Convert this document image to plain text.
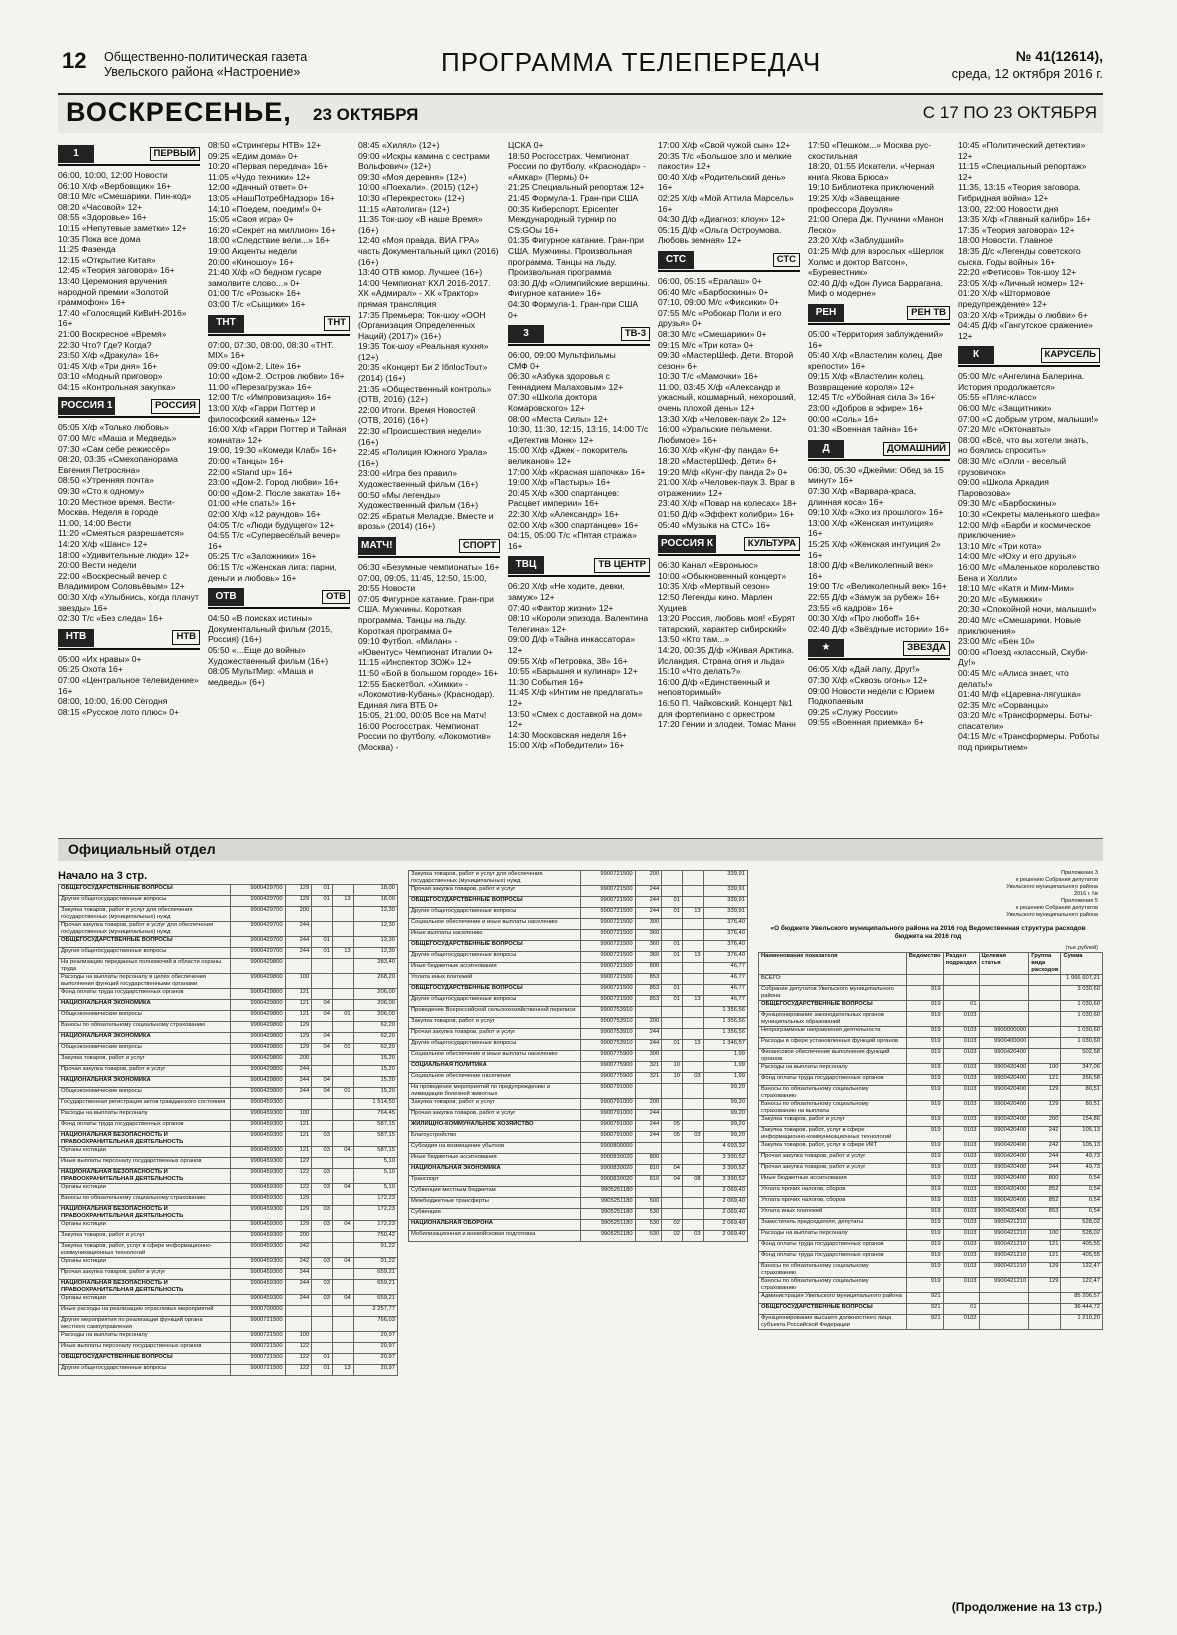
12 Общественно-политическая газета
Увельского района «Настроение»	ПРОГРАММА ТЕЛЕПЕРЕДАЧ	№ 41(12614),
среда, 12 октября 2016 г.
ВОСКРЕСЕНЬЕ, 23 ОКТЯБРЯ	С 17 ПО 23 ОКТЯБРЯ
1	ПЕРВЫЙ
06:00, 10:00, 12:00 Новости
06:10 Х/ф «Вербовщик» 16+
08:10 М/с «Смешарики. Пин-код»
08:20 «Часовой» 12+
08:55 «Здоровье» 16+
10:15 «Непутевые заметки» 12+
10:35 Пока все дома
11:25 Фазенда
12:15 «Открытие Китая»
12:45 «Теория заговора» 16+
13:40 Церемония вручения народной премии «Золотой граммофон» 16+
17:40 «Голосящий КиВиН-2016» 16+
21:00 Воскресное «Время»
22:30 Что? Где? Когда?
23:50 Х/ф «Дракула» 16+
01:45 Х/ф «Три дня» 16+
03:10 «Модный приговор»
04:15 «Контрольная закупка»
РОССИЯ 1	РОССИЯ
05:05 Х/ф «Только любовь»
07:00 М/с «Маша и Медведь»
07:30 «Сам себе режиссёр»
08:20, 03:35 «Смехопанорама Евгения Петросяна»
08:50 «Утренняя почта»
09:30 «Сто к одному»
10:20 Местное время. Вести-Москва. Неделя в городе
11:00, 14:00 Вести
11:20 «Смеяться разрешается»
14:20 Х/ф «Шанс» 12+
18:00 «Удивительные люди» 12+
20:00 Вести недели
22:00 «Воскресный вечер с Владимиром Соловьёвым» 12+
00:30 Х/ф «Улыбнись, когда плачут звезды» 16+
02:30 Т/с «Без следа» 16+
НТВ	НТВ
05:00 «Их нравы» 0+
05:25 Охота 16+
07:00 «Центральное телевидение» 16+
08:00, 10:00, 16:00 Сегодня
08:15 «Русское лото плюс» 0+
08:50 «Стрингеры НТВ» 12+
09:25 «Едим дома» 0+
10:20 «Первая передача» 16+
11:05 «Чудо техники» 12+
12:00 «Дачный ответ» 0+
13:05 «НашПотребНадзор» 16+
14:10 «Поедем, поедим!» 0+
15:05 «Своя игра» 0+
16:20 «Секрет на миллион» 16+
18:00 «Следствие вели...» 16+
19:00 Акценты недели
20:00 «Киношоу» 16+
21:40 Х/ф «О бедном гусаре замолвите слово...» 0+
01:00 Т/с «Розыск» 16+
03:00 Т/с «Сыщики» 16+
ТНТ	ТНТ
07:00, 07:30, 08:00, 08:30 «ТНТ. MIX» 16+
09:00 «Дом-2. Lite» 16+
10:00 «Дом-2. Остров любви» 16+
11:00 «Перезагрузка» 16+
12:00 Т/с «Импровизация» 16+
13:00 Х/ф «Гарри Поттер и философский камень» 12+
16:00 Х/ф «Гарри Поттер и Тайная комната» 12+
19:00, 19:30 «Комеди Клаб» 16+
20:00 «Танцы» 16+
22:00 «Stand up» 16+
23:00 «Дом-2. Город любви» 16+
00:00 «Дом-2. После заката» 16+
01:00 «Не спать!» 16+
02:00 Х/ф «12 раундов» 16+
04:05 Т/с «Люди будущего» 12+
04:55 Т/с «Супервесёлый вечер» 16+
05:25 Т/с «Заложники» 16+
06:15 Т/с «Женская лига: парни, деньги и любовь» 16+
ОТВ	ОТВ
04:50 «В поисках истины» Документальный фильм (2015, Россия) (16+)
05:50 «...Еще до войны» Художественный фильм (16+)
08:05 МультМир: «Маша и медведь» (6+)
08:45 «Хилял» (12+)
09:00 «Искры камина с сестрами Вольфович» (12+)
09:30 «Моя деревня» (12+)
10:00 «Поехали». (2015) (12+)
10:30 «Перекресток» (12+)
11:15 «Автолига» (12+)
11:35 Ток-шоу «В наше Время» (16+)
12:40 «Моя правда. ВИА ГРА» часть Документальный цикл (2016) (16+)
13:40 ОТВ юмор. Лучшее (16+)
14:00 Чемпионат КХЛ 2016-2017. ХК «Адмирал» - ХК «Трактор» прямая трансляция
17:35 Премьера: Ток-шоу «ООН (Организация Определенных Наций) (2017)» (16+)
19:35 Ток-шоу «Реальная кухня» (12+)
20:35 «Концерт Би 2 IбпloсТоuт» (2014) (16+)
21:35 «Общественный контроль» (ОТВ, 2016) (12+)
22:00 Итоги. Время Новостей (ОТВ, 2016) (16+)
22:30 «Происшествия недели» (16+)
22:45 «Полиция Южного Урала» (16+)
23:00 «Игра без правил» Художественный фильм (16+)
00:50 «Мы легенды» Художественный фильм (16+)
02:25 «Братья Меладзе. Вместе и врозь» (2014) (16+)
МАТЧ!	СПОРТ
06:30 «Безумные чемпионаты» 16+
07:00, 09:05, 11:45, 12:50, 15:00, 20:55 Новости
07:05 Фигурное катание. Гран-при США. Мужчины. Короткая программа. Танцы на льду. Короткая программа 0+
09:10 Футбол. «Милан» - «Ювентус» Чемпионат Италии 0+
11:15 «Инспектор ЗОЖ» 12+
11:50 «Бой в большом городе» 16+
12:55 Баскетбол. «Химки» - «Локомотив-Кубань» (Краснодар). Единая лига ВТБ 0+
15:05, 21:00, 00:05 Все на Матч!
16:00 Росгосстрах. Чемпионат России по футболу. «Локомотив» (Москва) -
ЦСКА 0+
18:50 Росгосстрах. Чемпионат России по футболу. «Краснодар» - «Амкар» (Пермь) 0+
21:25 Специальный репортаж 12+
21:45 Формула-1. Гран-при США
00:35 Киберспорт. Epicenter Международный турнир по CS:GOы 16+
01:35 Фигурное катание. Гран-при США. Мужчины. Произвольная программа. Танцы на льду. Произвольная программа
03:30 Д/ф «Олимпийские вершины. Фигурное катание» 16+
04:30 Формула-1. Гран-при США 0+
3	ТВ-3
06:00, 09:00 Мультфильмы
СМФ 0+
06:30 «Азбука здоровья с Геннадием Малаховым» 12+
07:30 «Школа доктора Комаровского» 12+
08:00 «Места Силы» 12+
10:30, 11:30, 12:15, 13:15, 14:00 Т/с «Детектив Монк» 12+
15:00 Х/ф «Джек - покоритель великанов» 12+
17:00 Х/ф «Красная шапочка» 16+
19:00 Х/ф «Пастырь» 16+
20:45 Х/ф «300 спартанцев: Расцвет империи» 16+
22:30 Х/ф «Александр» 16+
02:00 Х/ф «300 спартанцев» 16+
04:15, 05:00 Т/с «Пятая стража» 16+
ТВЦ	ТВ ЦЕНТР
06:20 Х/ф «Не ходите, девки, замуж» 12+
07:40 «Фактор жизни» 12+
08:10 «Короли эпизода. Валентина Телегина» 12+
09:00 Д/ф «Тайна инкассатора» 12+
09:55 Х/ф «Петровка, 38» 16+
10:55 «Барышня и кулинар» 12+
11:30 События 16+
11:45 Х/ф «Интим не предлагать» 12+
13:50 «Смех с доставкой на дом» 12+
14:30 Московская неделя 16+
15:00 Х/ф «Победители» 16+
17:00 Х/ф «Свой чужой сын» 12+
20:35 Т/с «Большое зло и мелкие пакости» 12+
00:40 Х/ф «Родительский день» 16+
02:25 Х/ф «Мой Аттила Марсель» 16+
04:30 Д/ф «Диагноз: клоун» 12+
05:15 Д/ф «Ольга Остроумова. Любовь земная» 12+
СТС	СТС
06:00, 05:15 «Ералаш» 0+
06:40 М/с «Барбоскины» 0+
07:10, 09:00 М/с «Фиксики» 0+
07:55 М/с «Робокар Поли и его друзья» 0+
08:30 М/с «Смешарики» 0+
09:15 М/с «Три кота» 0+
09:30 «МастерШеф. Дети. Второй сезон» 6+
10:30 Т/с «Мамочки» 16+
11:00, 03:45 Х/ф «Александр и ужасный, кошмарный, нехороший, очень плохой день» 12+
13:30 Х/ф «Человек-паук 2» 12+
16:00 «Уральские пельмени. Любимое» 16+
16:30 Х/ф «Кунг-фу панда» 6+
18:20 «МастерШеф. Дети» 6+
19:20 М/ф «Кунг-фу панда 2» 0+
21:00 Х/ф «Человек-паук 3. Враг в отражении» 12+
23:40 Х/ф «Повар на колесах» 18+
01:50 Д/ф «Эффект колибри» 16+
05:40 «Музыка на СТС» 16+
РОССИЯ К	КУЛЬТУРА
06:30 Канал «Евроньюс»
10:00 «Обыкновенный концерт»
10:35 Х/ф «Мертвый сезон»
12:50 Легенды кино. Марлен Хуциев
13:20 Россия, любовь моя! «Бурят татарский, характер сибирский»
13:50 «Кто там...»
14:20, 00:35 Д/ф «Живая Арктика. Исландия. Страна огня и льда»
15:10 «Что делать?»
16:00 Д/ф «Единственный и неповторимый»
16:50 П. Чайковский. Концерт №1 для фортепиано с оркестром
17:20 Гении и злодеи. Томас Манн
17:50 «Пешком...» Москва рус-скостильная
18:20, 01:55 Искатели. «Черная книга Якова Брюса»
19:10 Библиотека приключений
19:25 Х/ф «Завещание профессора Доуэля»
21:00 Опера Дж. Пуччини «Манон Леско»
23:20 Х/ф «Заблудший»
01:25 М/ф для взрослых «Шерлок Холмс и доктор Ватсон», «Буревестник»
02:40 Д/ф «Дон Луиса Баррагана. Миф о модерне»
РЕН	РЕН ТВ
05:00 «Территория заблуждений» 16+
05:40 Х/ф «Властелин колец. Две крепости» 16+
09:15 Х/ф «Властелин колец. Возвращение короля» 12+
12:45 Т/с «Убойная сила 3» 16+
23:00 «Добров в эфире» 16+
00:00 «Соль» 16+
01:30 «Военная тайна» 16+
Д	ДОМАШНИЙ
06:30, 05:30 «Джейми: Обед за 15 минут» 16+
07:30 Х/ф «Варвара-краса, длинная коса» 16+
09:10 Х/ф «Эхо из прошлого» 16+
13:00 Х/ф «Женская интуиция» 16+
15:25 Х/ф «Женская интуиция 2» 16+
18:00 Д/ф «Великолепный век» 16+
19:00 Т/с «Великолепный век» 16+
22:55 Д/ф «Замуж за рубеж» 16+
23:55 «6 кадров» 16+
00:30 Х/ф «Про любоff» 16+
02:40 Д/ф «Звёздные истории» 16+
★	ЗВЕЗДА
06:05 Х/ф «Дай лапу, Друг!»
07:30 Х/ф «Сквозь огонь» 12+
09:00 Новости недели с Юрием Подкопаевым
09:25 «Служу России»
09:55 «Военная приемка» 6+
10:45 «Политический детектив» 12+
11:15 «Специальный репортаж» 12+
11:35, 13:15 «Теория заговора. Гибридная война» 12+
13:00, 22:00 Новости дня
13:35 Х/ф «Главный калибр» 16+
17:35 «Теория заговора» 12+
18:00 Новости. Главное
18:35 Д/с «Легенды советского сыска. Годы войны» 16+
22:20 «Фетисов» Ток-шоу 12+
23:05 Х/ф «Личный номер» 12+
01:20 Х/ф «Штормовое предупреждение» 12+
03:20 Х/ф «Трижды о любви» 6+
04:45 Д/ф «Гангутское сражение» 12+
К	КАРУСЕЛЬ
05:00 М/с «Ангелина Балерина. История продолжается»
05:55 «Пляс-класс»
06:00 М/с «Защитники»
07:00 «С добрым утром, малыши!»
07:20 М/с «Октонавты»
08:00 «Всё, что вы хотели знать, но боялись спросить»
08:30 М/с «Олли - веселый грузовичок»
09:00 «Школа Аркадия Паровозова»
09:30 М/с «Барбоскины»
10:30 «Секреты маленького шефа»
12:00 М/ф «Барби и космическое приключение»
13:10 М/с «Три кота»
14:00 М/с «Юху и его друзья»
16:00 М/с «Маленькое королевство Бена и Холли»
18:10 М/с «Катя и Мим-Мим»
20:20 М/с «Бумажки»
20:30 «Спокойной ночи, малыши!»
20:40 М/с «Смешарики. Новые приключения»
23:00 М/с «Бен 10»
00:00 «Поезд «классный, Скуби-Ду!»
00:45 М/с «Алиса знает, что делать!»
01:40 М/ф «Царевна-лягушка»
02:35 М/с «Сорванцы»
03:20 М/с «Трансформеры. Боты-спасатели»
04:15 М/с «Трансформеры. Роботы под прикрытием»
Официальный отдел
Начало на 3 стр.
ОБЩЕГОСУДАРСТВЕННЫЕ ВОПРОСЫ	9900429700	129	01		18,00
Другие общегосударственные вопросы	9900429700	129	01	13	18,00
Закупка товаров, работ и услуг для обеспечения государственных (муниципальных) нужд	9900429700	200			12,30
Прочая закупка товаров, работ и услуг для обеспечения государственных (муниципальных) нужд	9900429700	244			12,30
ОБЩЕГОСУДАРСТВЕННЫЕ ВОПРОСЫ	9900429700	244	01		12,30
Другие общегосударственные вопросы	9900429700	244	01	13	12,30
На реализацию переданных полномочий в области охраны труда	9900429800				283,40
Расходы на выплаты персоналу в целях обеспечения выполнения функций государственными органами	9900429800	100			268,20
Фонд оплаты труда государственных органов	9900429800	121			206,00
НАЦИОНАЛЬНАЯ ЭКОНОМИКА	9900429800	121	04		206,00
Общеэкономические вопросы	9900429800	121	04	01	206,00
Взносы по обязательному социальному страхованию	9900429800	129			62,20
НАЦИОНАЛЬНАЯ ЭКОНОМИКА	9900429800	129	04		62,20
Общеэкономические вопросы	9900429800	129	04	01	62,20
Закупка товаров, работ и услуг	9900429800	200			15,20
Прочая закупка товаров, работ и услуг	9900429800	244			15,20
НАЦИОНАЛЬНАЯ ЭКОНОМИКА	9900429800	244	04		15,20
Общеэкономические вопросы	9900429800	244	04	01	15,20
Государственная регистрация актов гражданского состояния	9900459300				1 514,50
Расходы на выплаты персоналу	9900459300	100			764,45
Фонд оплаты труда государственных органов	9900459300	121			587,15
НАЦИОНАЛЬНАЯ БЕЗОПАСНОСТЬ И ПРАВООХРАНИТЕЛЬНАЯ ДЕЯТЕЛЬНОСТЬ	9900459300	121	03		587,15
Органы юстиции	9900459300	121	03	04	587,15
Иные выплаты персоналу государственных органов	9900459300	122			5,10
НАЦИОНАЛЬНАЯ БЕЗОПАСНОСТЬ И ПРАВООХРАНИТЕЛЬНАЯ ДЕЯТЕЛЬНОСТЬ	9900459300	122	03		5,10
Органы юстиции	9900459300	122	03	04	5,10
Взносы по обязательному социальному страхованию	9900459300	129			172,23
НАЦИОНАЛЬНАЯ БЕЗОПАСНОСТЬ И ПРАВООХРАНИТЕЛЬНАЯ ДЕЯТЕЛЬНОСТЬ	9900459300	129	03		172,23
Органы юстиции	9900459300	129	03	04	172,23
Закупка товаров, работ и услуг	9900459300	200			750,42
Закупка товаров, работ, услуг в сфере информационно-коммуникационных технологий	9900459300	242			91,22
Органы юстиции	9900459300	242	03	04	91,22
Прочая закупка товаров, работ и услуг	9900459300	244			659,21
НАЦИОНАЛЬНАЯ БЕЗОПАСНОСТЬ И ПРАВООХРАНИТЕЛЬНАЯ ДЕЯТЕЛЬНОСТЬ	9900459300	244	03		659,21
Органы юстиции	9900459300	244	03	04	659,21
Иные расходы на реализацию отраслевых мероприятий	9900700000				2 257,77
Другие мероприятия по реализации функций органа местного самоуправления	9900721500				766,03
Расходы на выплаты персоналу	9900721500	100			20,97
Иные выплаты персоналу государственных органов	9900721500	122			20,97
ОБЩЕГОСУДАРСТВЕННЫЕ ВОПРОСЫ	9900721500	122	01		20,97
Другие общегосударственные вопросы	9900721500	122	01	13	20,97
Закупка товаров, работ и услуг для обеспечения государственных (муниципальных) нужд	9900721500	200			339,91
Прочая закупка товаров, работ и услуг	9900721500	244			339,91
ОБЩЕГОСУДАРСТВЕННЫЕ ВОПРОСЫ	9900721500	244	01		339,91
Другие общегосударственные вопросы	9900721500	244	01	13	339,91
Социальное обеспечение и иные выплаты населению	9900721500	300			376,40
Иные выплаты населению	9900721500	360			376,40
ОБЩЕГОСУДАРСТВЕННЫЕ ВОПРОСЫ	9900721500	360	01		376,40
Другие общегосударственные вопросы	9900721500	360	01	13	376,40
Иные бюджетные ассигнования	9900721500	800			46,77
Уплата иных платежей	9900721500	853			46,77
ОБЩЕГОСУДАРСТВЕННЫЕ ВОПРОСЫ	9900721500	853	01		46,77
Другие общегосударственные вопросы	9900721500	853	01	13	46,77
Проведение Всероссийской сельскохозяйственной переписи	9900753910				1 356,56
Закупка товаров, работ и услуг	9900753910	200			1 356,56
Прочая закупка товаров, работ и услуг	9900753910	244			1 356,56
Другие общегосударственные вопросы	9900753910	244	01	13	1 346,57
Социальное обеспечение и иные выплаты населению	9900775900	300			1,99
СОЦИАЛЬНАЯ ПОЛИТИКА	9900775900	321	10		1,99
Социальное обеспечение населения	9900775900	321	10	03	1,99
На проведение мероприятий по предупреждению и ликвидации болезней животных	9900791000				99,20
Закупка товаров, работ и услуг	9900791000	200			99,20
Прочая закупка товаров, работ и услуг	9900791000	244			99,20
ЖИЛИЩНО-КОММУНАЛЬНОЕ ХОЗЯЙСТВО	9900791000	244	05		99,20
Благоустройство	9900791000	244	05	03	99,20
Субсидия на возмещение убытков	9900800000				4 693,32
Иные бюджетные ассигнования	9900830020	800			3 390,52
НАЦИОНАЛЬНАЯ ЭКОНОМИКА	9900830020	810	04		3 390,52
Транспорт	9900830020	810	04	08	3 390,52
Субвенции местным бюджетам	9905251180				2 069,40
Межбюджетные трансферты	9905251180	500			2 069,40
Субвенции	9905251180	530			2 069,40
НАЦИОНАЛЬНАЯ ОБОРОНА	9905251180	530	02		2 069,40
Мобилизационная и вневойсковая подготовка	9905251180	530	02	03	2 069,40
Приложение 3
к решению Собрания депутатов
Увельского муниципального района
2016 г. №
Приложение 5
к решению Собрания депутатов
Увельского муниципального района
«О бюджете Увельского муниципального района на 2016 год Ведомственная структура расходов бюджета на 2016 год
(тыс.рублей)
Наименование показателя	Ведомство	Раздел подраздел	Целевая статья	Группа вида расходов	Сумма
ВСЕГО:					1 066 607,21
Собрание депутатов Увельского муниципального района	919				3 030,60
ОБЩЕГОСУДАРСТВЕННЫЕ ВОПРОСЫ	919	01			1 030,60
Функционирование законодательных органов муниципальных образований	919	0103			1 030,60
Непрограммные направления деятельности	919	0103	9900000000		1 030,60
Расходы в сфере установленных функций органов	919	0103	9900400000		1 030,60
Финансовое обеспечение выполнения функций органов	919	0103	9900420400		502,58
Расходы на выплаты персоналу	919	0103	9900420400	100	347,06
Фонд оплаты труда государственных органов	919	0103	9900420400	121	266,58
Взносы по обязательному социальному страхованию	919	0103	9900420400	129	80,51
Взносы по обязательному социальному страхованию на выплаты	919	0103	9900420400	129	80,51
Закупка товаров, работ и услуг	919	0103	9900420400	200	154,86
Закупка товаров, работ, услуг в сфере информационно-коммуникационных технологий	919	0103	9900420400	242	105,13
Закупка товаров, работ, услуг в сфере ИКТ	919	0103	9900420400	242	105,13
Прочая закупка товаров, работ и услуг	919	0103	9900420400	244	49,73
Прочая закупка товаров, работ и услуг	919	0103	9900420400	244	49,73
Иные бюджетные ассигнования	919	0103	9900420400	800	0,54
Уплата прочих налогов, сборов	919	0103	9900420400	852	0,54
Уплата прочих налогов, сборов	919	0103	9900420400	852	0,54
Уплата иных платежей	919	0103	9900420400	853	0,54
Заместитель председателя, депутаты	919	0103	9900421210		528,02
Расходы на выплаты персоналу	919	0103	9900421210	100	528,02
Фонд оплаты труда государственных органов	919	0103	9900421210	121	405,55
Фонд оплаты труда государственных органов	919	0103	9900421210	121	405,55
Взносы по обязательному социальному страхованию	919	0103	9900421210	129	122,47
Взносы по обязательному социальному страхованию	919	0103	9900421210	129	122,47
Администрация Увельского муниципального района	921				85 206,57
ОБЩЕГОСУДАРСТВЕННЫЕ ВОПРОСЫ	921	01			36 444,72
Функционирование высшего должностного лица субъекта Российской Федерации	921	0102			1 210,20
(Продолжение на 13 стр.)
